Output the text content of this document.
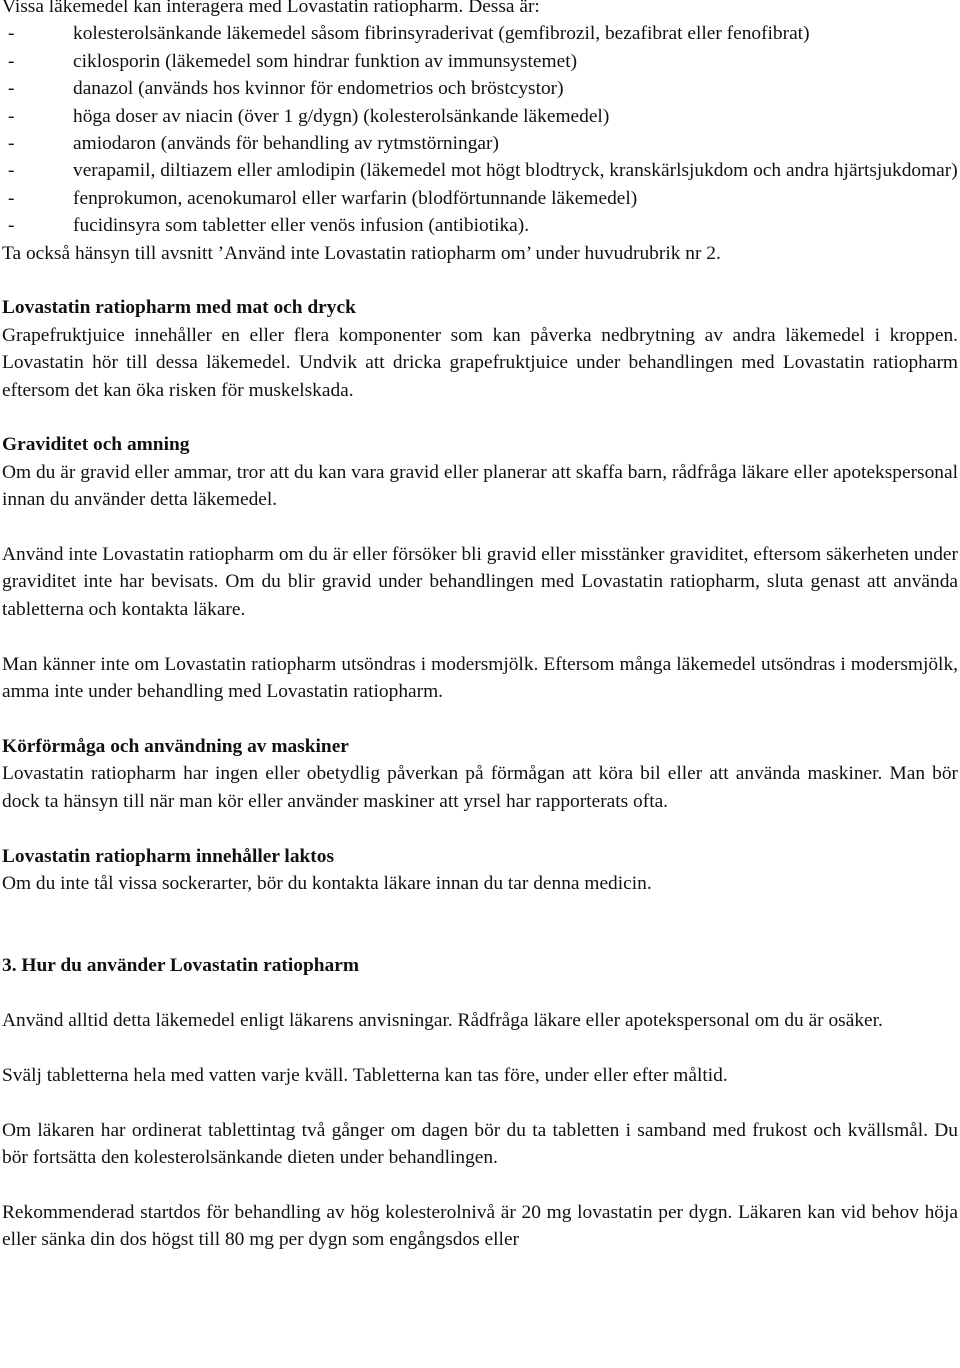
Vissa läkemedel kan interagera med Lovastatin ratiopharm. Dessa är:

-	kolesterolsänkande läkemedel såsom fibrinsyraderivat (gemfibrozil, bezafibrat eller fenofibrat)
-	ciklosporin (läkemedel som hindrar funktion av immunsystemet)
-	danazol (används hos kvinnor för endometrios och bröstcystor)
-	höga doser av niacin (över 1 g/dygn) (kolesterolsänkande läkemedel)
-	amiodaron (används för behandling av rytmstörningar)
-	verapamil, diltiazem eller amlodipin (läkemedel mot högt blodtryck, kranskärlsjukdom och andra hjärtsjukdomar)
-	fenprokumon, acenokumarol eller warfarin (blodförtunnande läkemedel)
-	fucidinsyra som tabletter eller venös infusion (antibiotika).

Ta också hänsyn till avsnitt ’Använd inte Lovastatin ratiopharm om’ under huvudrubrik nr 2.

Lovastatin ratiopharm med mat och dryck

Grapefruktjuice innehåller en eller flera komponenter som kan påverka nedbrytning av andra läkemedel i kroppen. Lovastatin hör till dessa läkemedel. Undvik att dricka grapefruktjuice under behandlingen med Lovastatin ratiopharm eftersom det kan öka risken för muskelskada.

Graviditet och amning

Om du är gravid eller ammar, tror att du kan vara gravid eller planerar att skaffa barn, rådfråga läkare eller apotekspersonal innan du använder detta läkemedel.

Använd inte Lovastatin ratiopharm om du är eller försöker bli gravid eller misstänker graviditet, eftersom säkerheten under graviditet inte har bevisats. Om du blir gravid under behandlingen med Lovastatin ratiopharm, sluta genast att använda tabletterna och kontakta läkare.

Man känner inte om Lovastatin ratiopharm utsöndras i modersmjölk. Eftersom många läkemedel utsöndras i modersmjölk, amma inte under behandling med Lovastatin ratiopharm.

Körförmåga och användning av maskiner

Lovastatin ratiopharm har ingen eller obetydlig påverkan på förmågan att köra bil eller att använda maskiner. Man bör dock ta hänsyn till när man kör eller använder maskiner att yrsel har rapporterats ofta.

Lovastatin ratiopharm innehåller laktos

Om du inte tål vissa sockerarter, bör du kontakta läkare innan du tar denna medicin.

3. Hur du använder Lovastatin ratiopharm

Använd alltid detta läkemedel enligt läkarens anvisningar. Rådfråga läkare eller apotekspersonal om du är osäker.

Svälj tabletterna hela med vatten varje kväll. Tabletterna kan tas före, under eller efter måltid.

Om läkaren har ordinerat tablettintag två gånger om dagen bör du ta tabletten i samband med frukost och kvällsmål. Du bör fortsätta den kolesterolsänkande dieten under behandlingen.

Rekommenderad startdos för behandling av hög kolesterolnivå är 20 mg lovastatin per dygn. Läkaren kan vid behov höja eller sänka din dos högst till 80 mg per dygn som engångsdos eller
